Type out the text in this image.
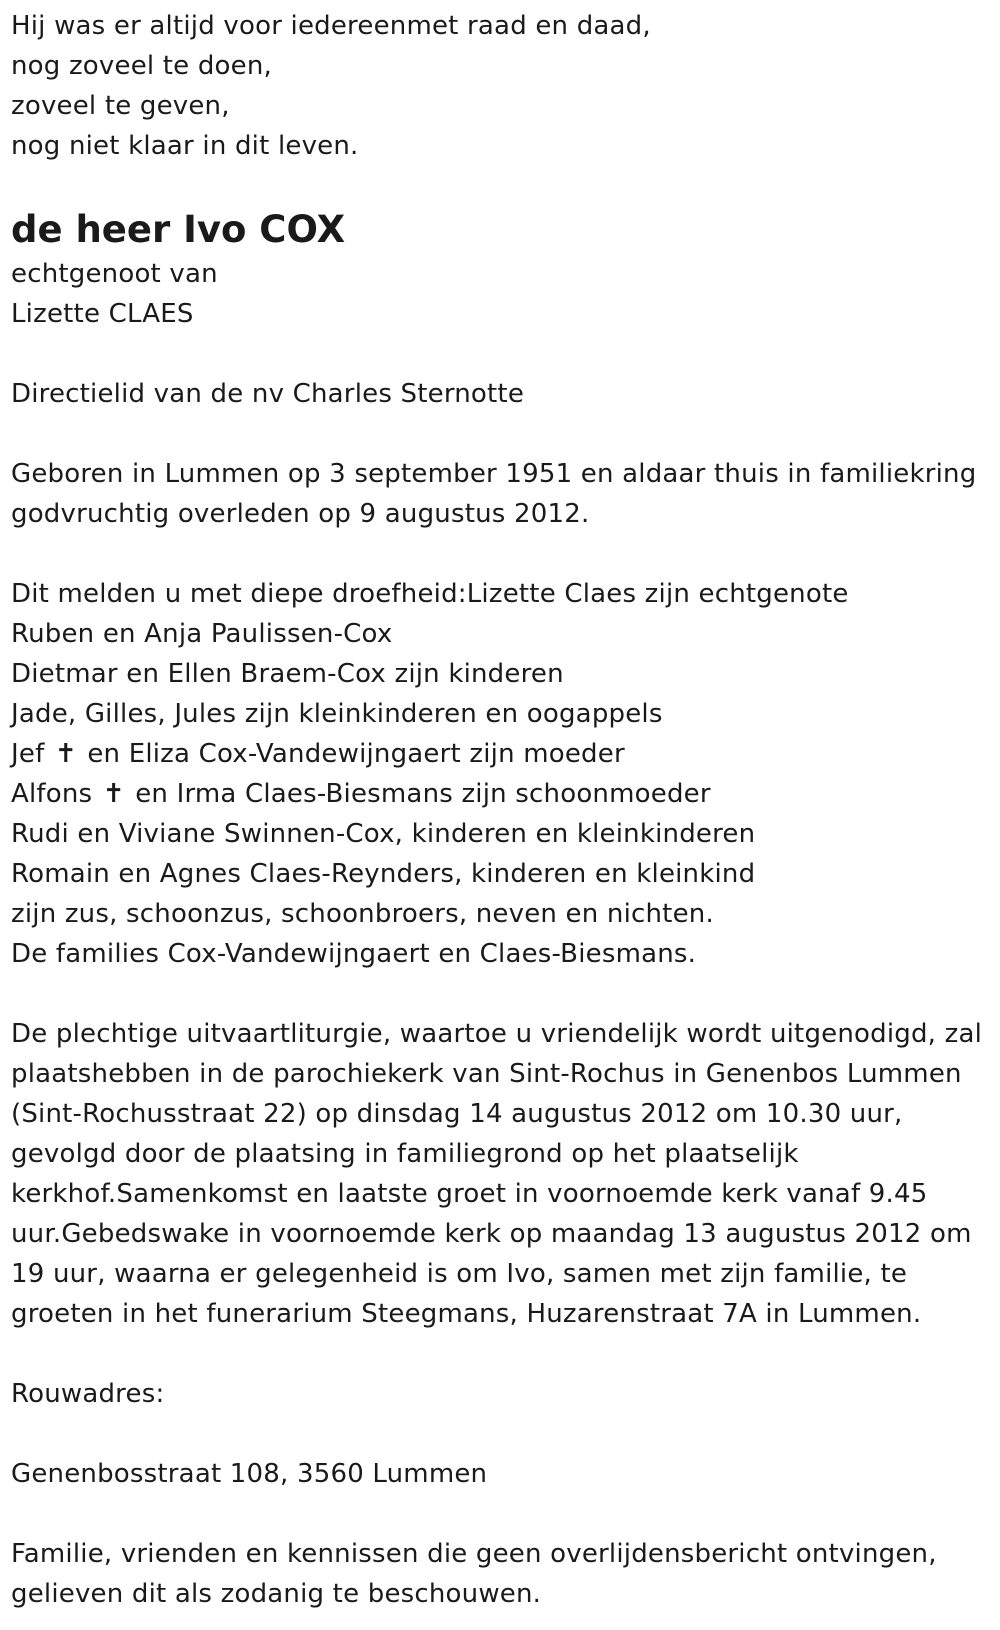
Hij was er altijd voor iedereenmet raad en daad,
nog zoveel te doen,
zoveel te geven,
nog niet klaar in dit leven.
de heer Ivo COX
echtgenoot van
Lizette CLAES
Directielid van de nv Charles Sternotte
Geboren in Lummen op 3 september 1951 en aldaar thuis in familiekring
godvruchtig overleden op 9 augustus 2012.
Dit melden u met diepe droefheid:Lizette Claes zijn echtgenote
Ruben en Anja Paulissen-Cox
Dietmar en Ellen Braem-Cox zijn kinderen
Jade, Gilles, Jules zijn kleinkinderen en oogappels
Jef ✝ en Eliza Cox-Vandewijngaert zijn moeder
Alfons ✝ en Irma Claes-Biesmans zijn schoonmoeder
Rudi en Viviane Swinnen-Cox, kinderen en kleinkinderen
Romain en Agnes Claes-Reynders, kinderen en kleinkind
zijn zus, schoonzus, schoonbroers, neven en nichten.
De families Cox-Vandewijngaert en Claes-Biesmans.
De plechtige uitvaartliturgie, waartoe u vriendelijk wordt uitgenodigd, zal
plaatshebben in de parochiekerk van Sint-Rochus in Genenbos Lummen
(Sint-Rochusstraat 22) op dinsdag 14 augustus 2012 om 10.30 uur,
gevolgd door de plaatsing in familiegrond op het plaatselijk
kerkhof.Samenkomst en laatste groet in voornoemde kerk vanaf 9.45
uur.Gebedswake in voornoemde kerk op maandag 13 augustus 2012 om
19 uur, waarna er gelegenheid is om Ivo, samen met zijn familie, te
groeten in het funerarium Steegmans, Huzarenstraat 7A in Lummen.
Rouwadres:
Genenbosstraat 108, 3560 Lummen
Familie, vrienden en kennissen die geen overlijdensbericht ontvingen,
gelieven dit als zodanig te beschouwen.
